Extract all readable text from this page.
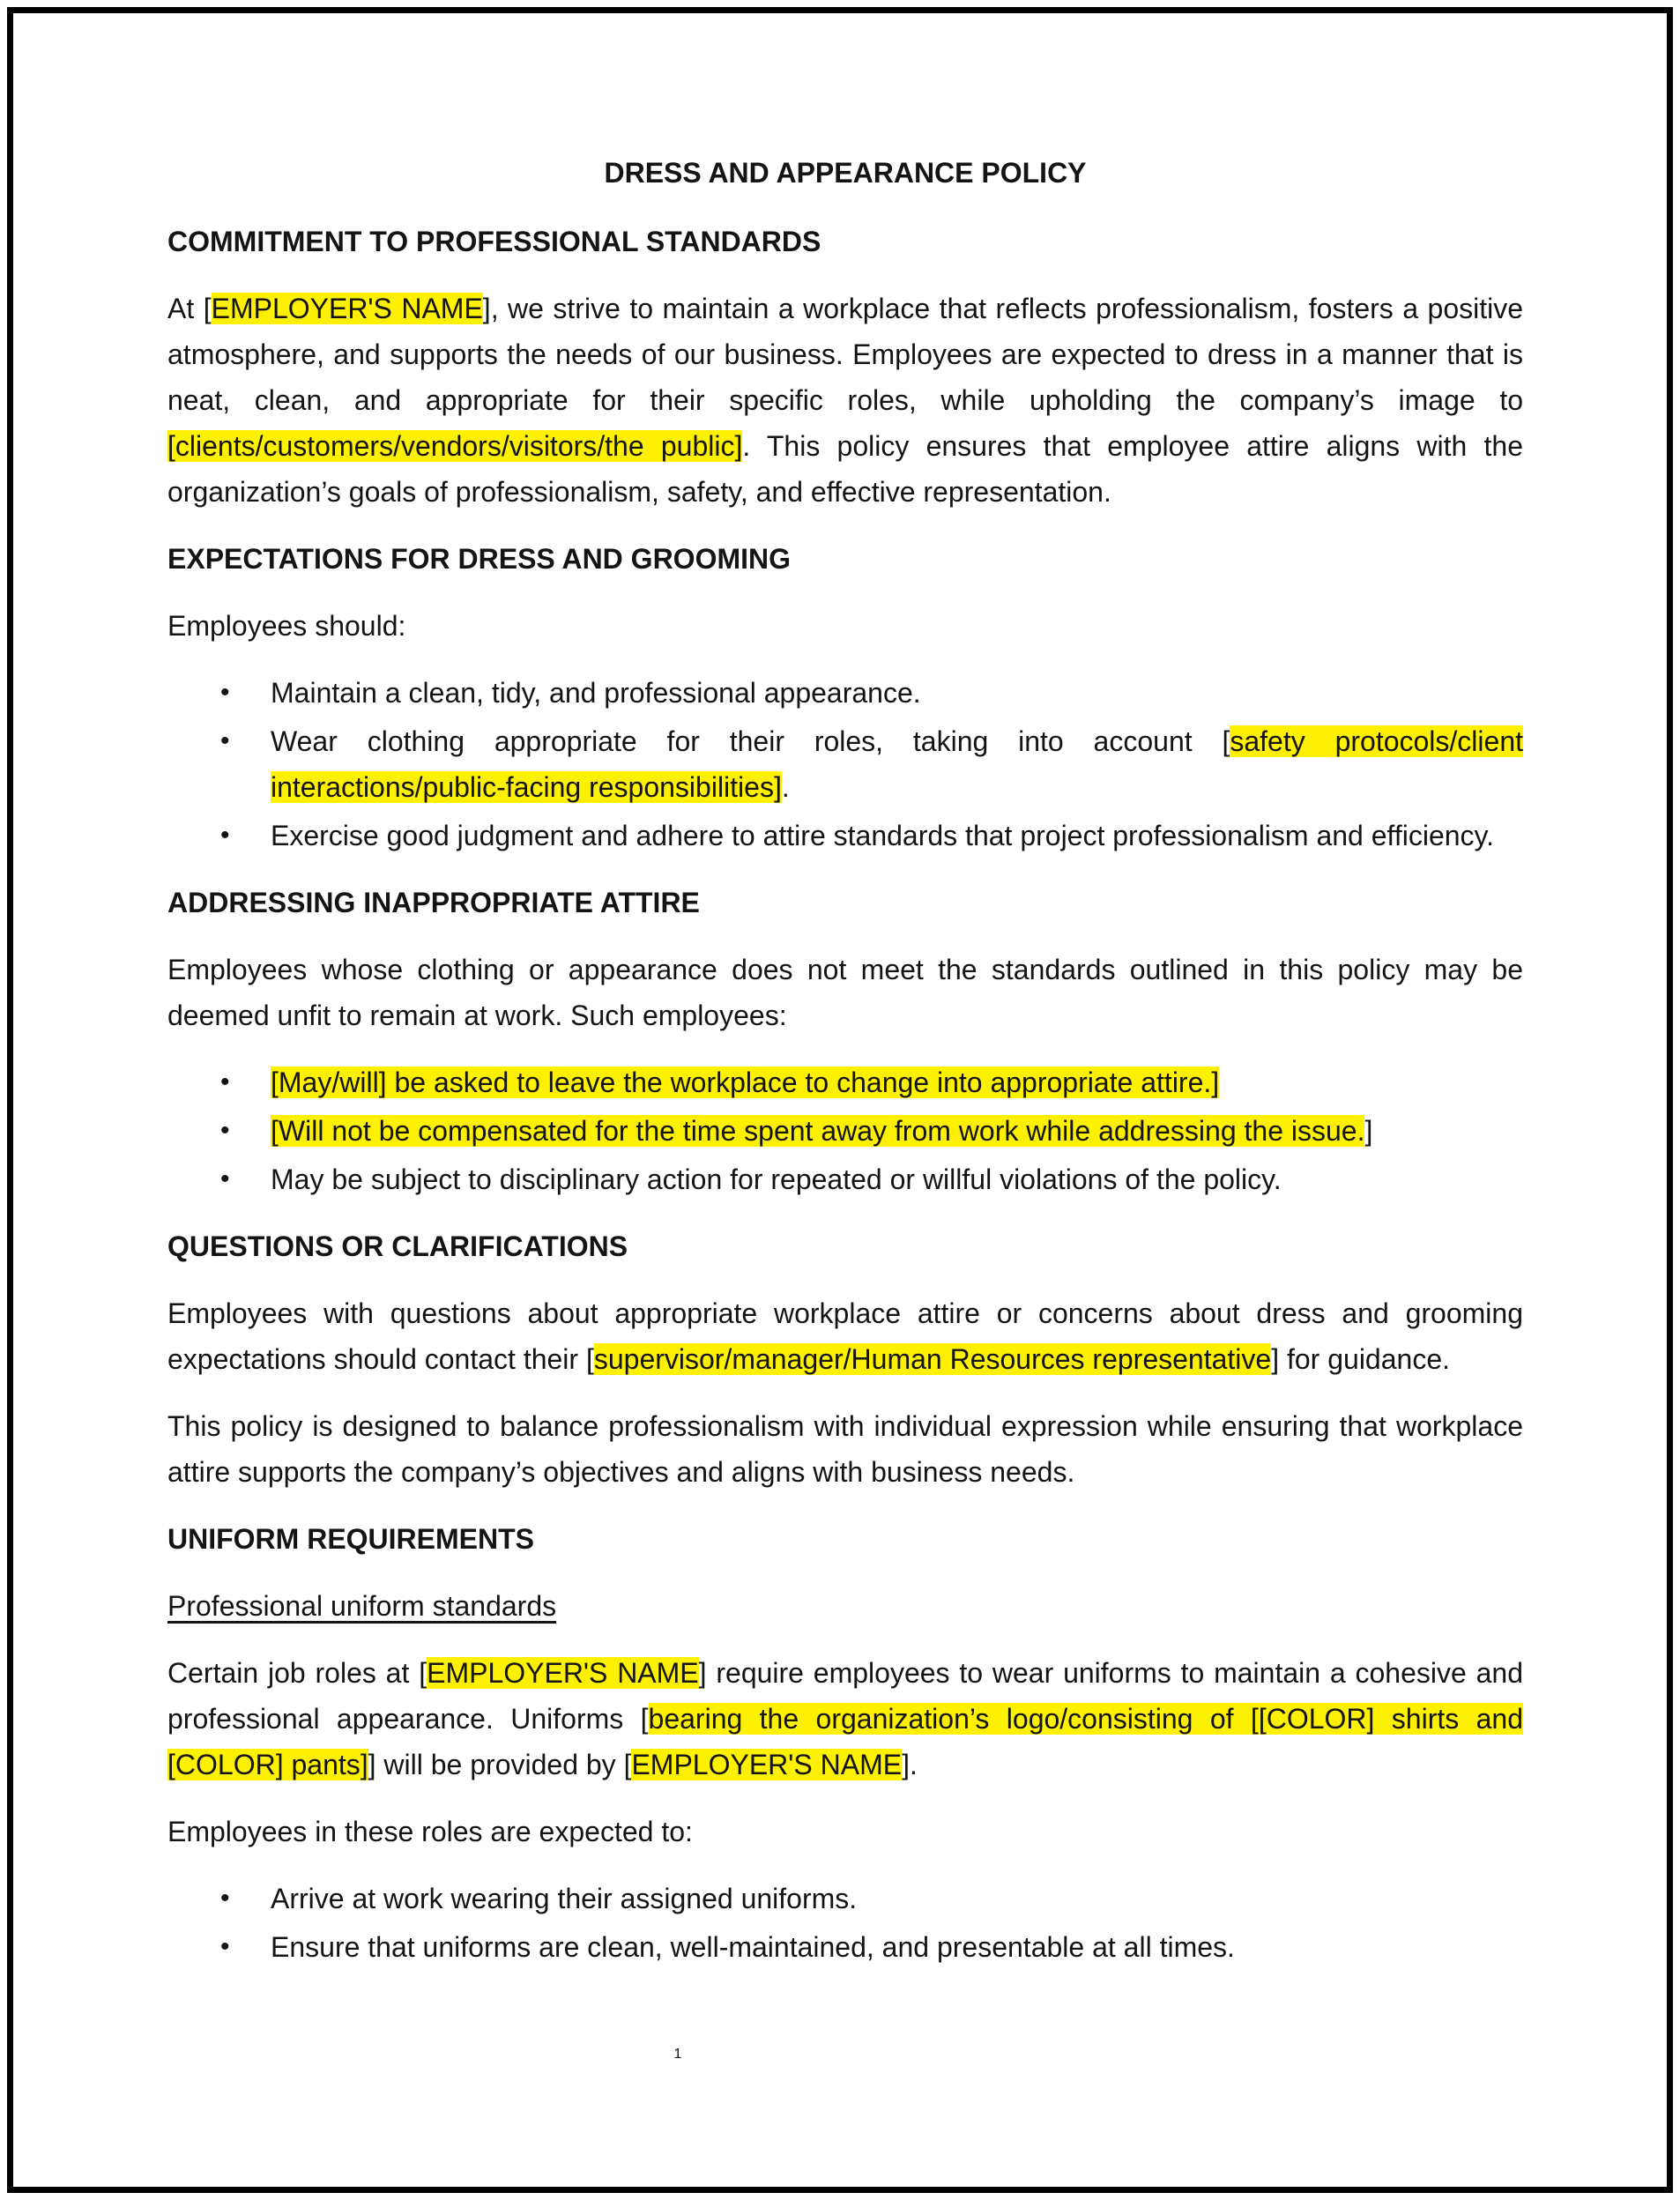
DRESS AND APPEARANCE POLICY
COMMITMENT TO PROFESSIONAL STANDARDS
At [EMPLOYER'S NAME], we strive to maintain a workplace that reflects professionalism, fosters a positive atmosphere, and supports the needs of our business. Employees are expected to dress in a manner that is neat, clean, and appropriate for their specific roles, while upholding the company’s image to [clients/customers/vendors/visitors/the public]. This policy ensures that employee attire aligns with the organization’s goals of professionalism, safety, and effective representation.
EXPECTATIONS FOR DRESS AND GROOMING
Employees should:
•	Maintain a clean, tidy, and professional appearance.
•	Wear clothing appropriate for their roles, taking into account [safety protocols/client interactions/public-facing responsibilities].
•	Exercise good judgment and adhere to attire standards that project professionalism and efficiency.
ADDRESSING INAPPROPRIATE ATTIRE
Employees whose clothing or appearance does not meet the standards outlined in this policy may be deemed unfit to remain at work. Such employees:
•	[May/will] be asked to leave the workplace to change into appropriate attire.]
•	[Will not be compensated for the time spent away from work while addressing the issue.]
•	May be subject to disciplinary action for repeated or willful violations of the policy.
QUESTIONS OR CLARIFICATIONS
Employees with questions about appropriate workplace attire or concerns about dress and grooming expectations should contact their [supervisor/manager/Human Resources representative] for guidance.
This policy is designed to balance professionalism with individual expression while ensuring that workplace attire supports the company’s objectives and aligns with business needs.
UNIFORM REQUIREMENTS
Professional uniform standards
Certain job roles at [EMPLOYER'S NAME] require employees to wear uniforms to maintain a cohesive and professional appearance. Uniforms [bearing the organization’s logo/consisting of [[COLOR] shirts and [COLOR] pants]] will be provided by [EMPLOYER'S NAME].
Employees in these roles are expected to:
•	Arrive at work wearing their assigned uniforms.
•	Ensure that uniforms are clean, well-maintained, and presentable at all times.
1
